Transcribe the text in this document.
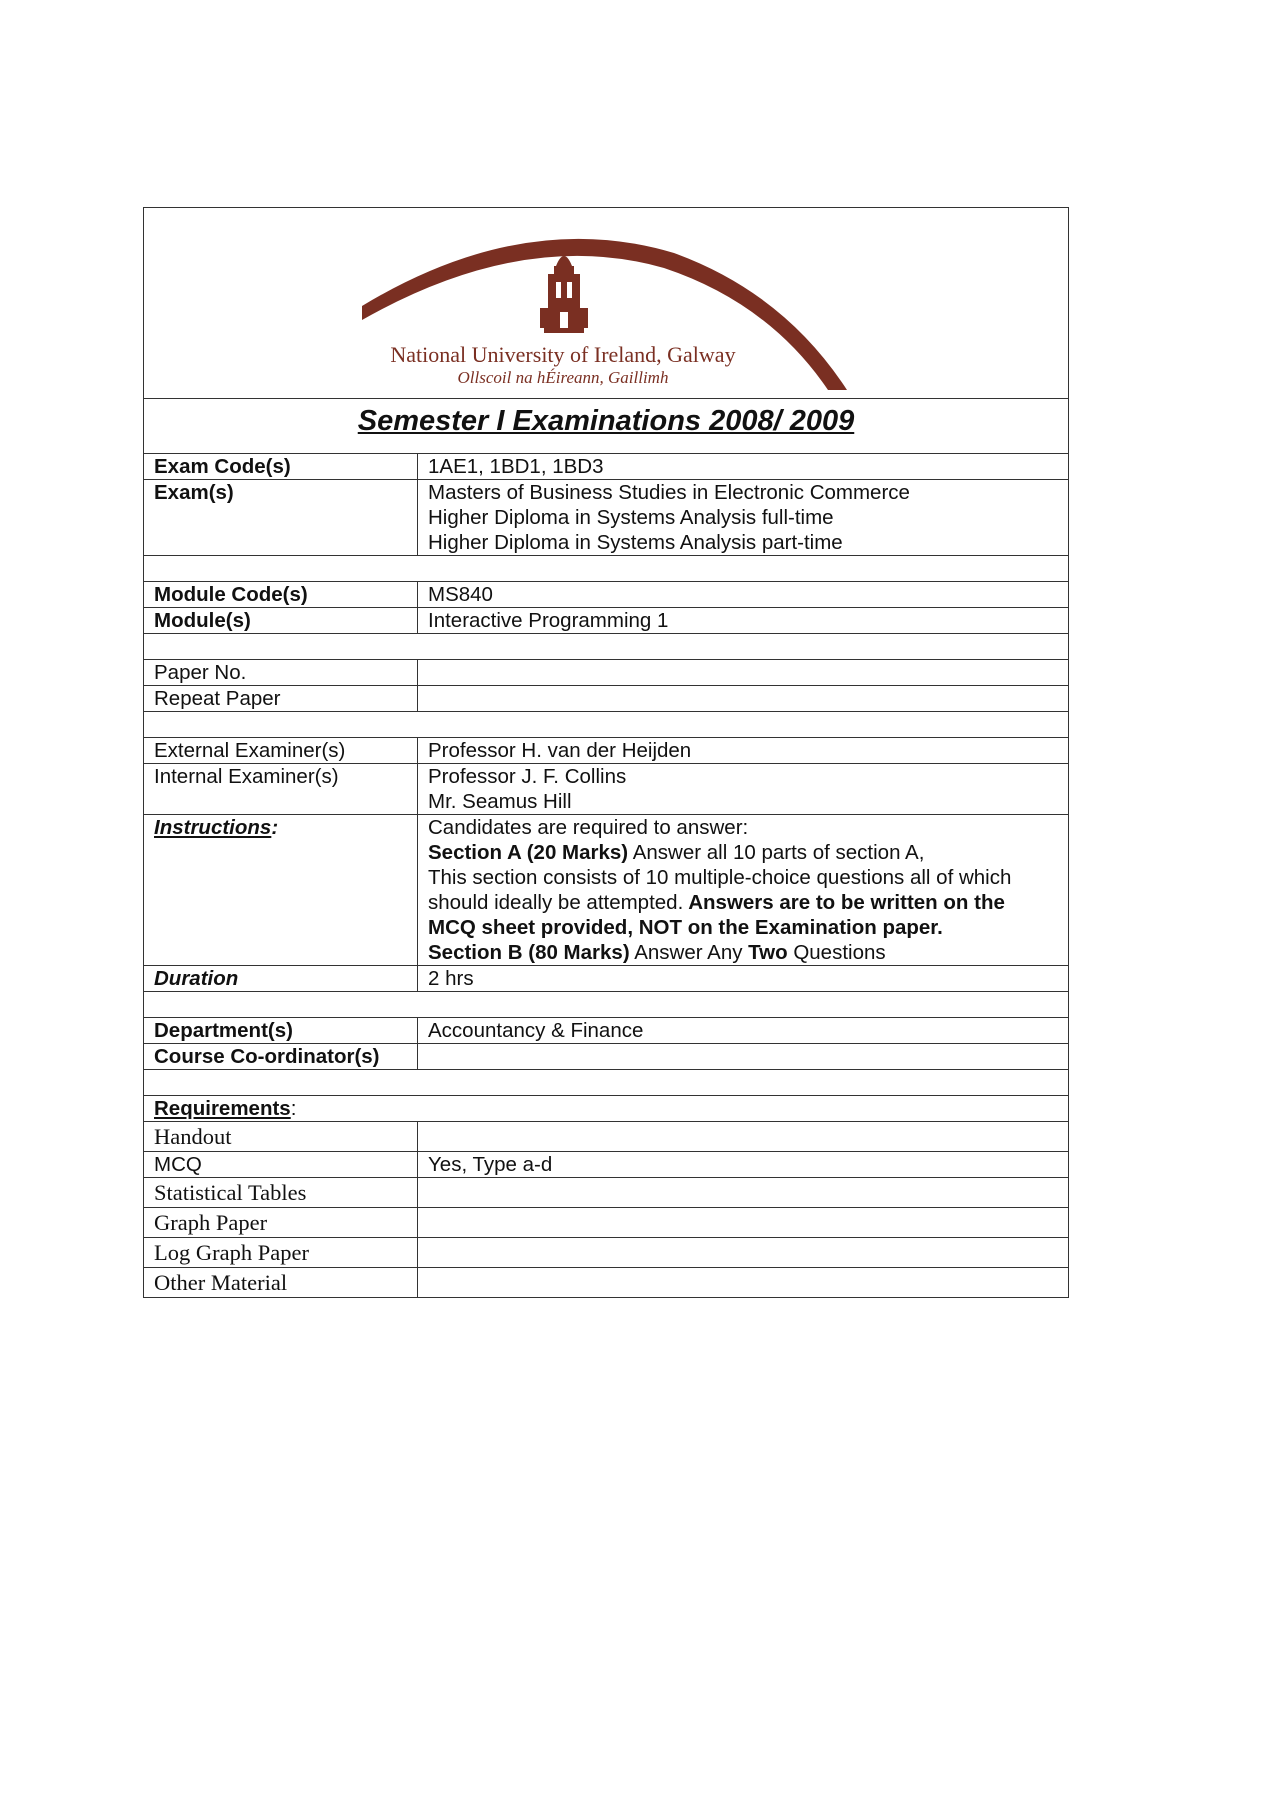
National University of Ireland, Galway
Ollscoil na hÉireann, Gaillimh
Semester I Examinations 2008/ 2009
Exam Code(s)	1AE1, 1BD1, 1BD3
Exam(s)	Masters of Business Studies in Electronic Commerce
Higher Diploma in Systems Analysis full-time
Higher Diploma in Systems Analysis part-time

Module Code(s)	MS840
Module(s)	Interactive Programming 1

Paper No.	
Repeat Paper	

External Examiner(s)	Professor H. van der Heijden
Internal Examiner(s)	Professor J. F. Collins
Mr. Seamus Hill

Instructions:	Candidates are required to answer:
Section A (20 Marks) Answer all 10 parts of section A,
This section consists of 10 multiple-choice questions all of which should ideally be attempted. Answers are to be written on the MCQ sheet provided, NOT on the Examination paper.
Section B (80 Marks) Answer Any Two Questions

Duration	2 hrs

Department(s)	Accountancy & Finance
Course Co-ordinator(s)	

Requirements:	
Handout	
MCQ	Yes, Type a-d
Statistical Tables	
Graph Paper	
Log Graph Paper	
Other Material	
